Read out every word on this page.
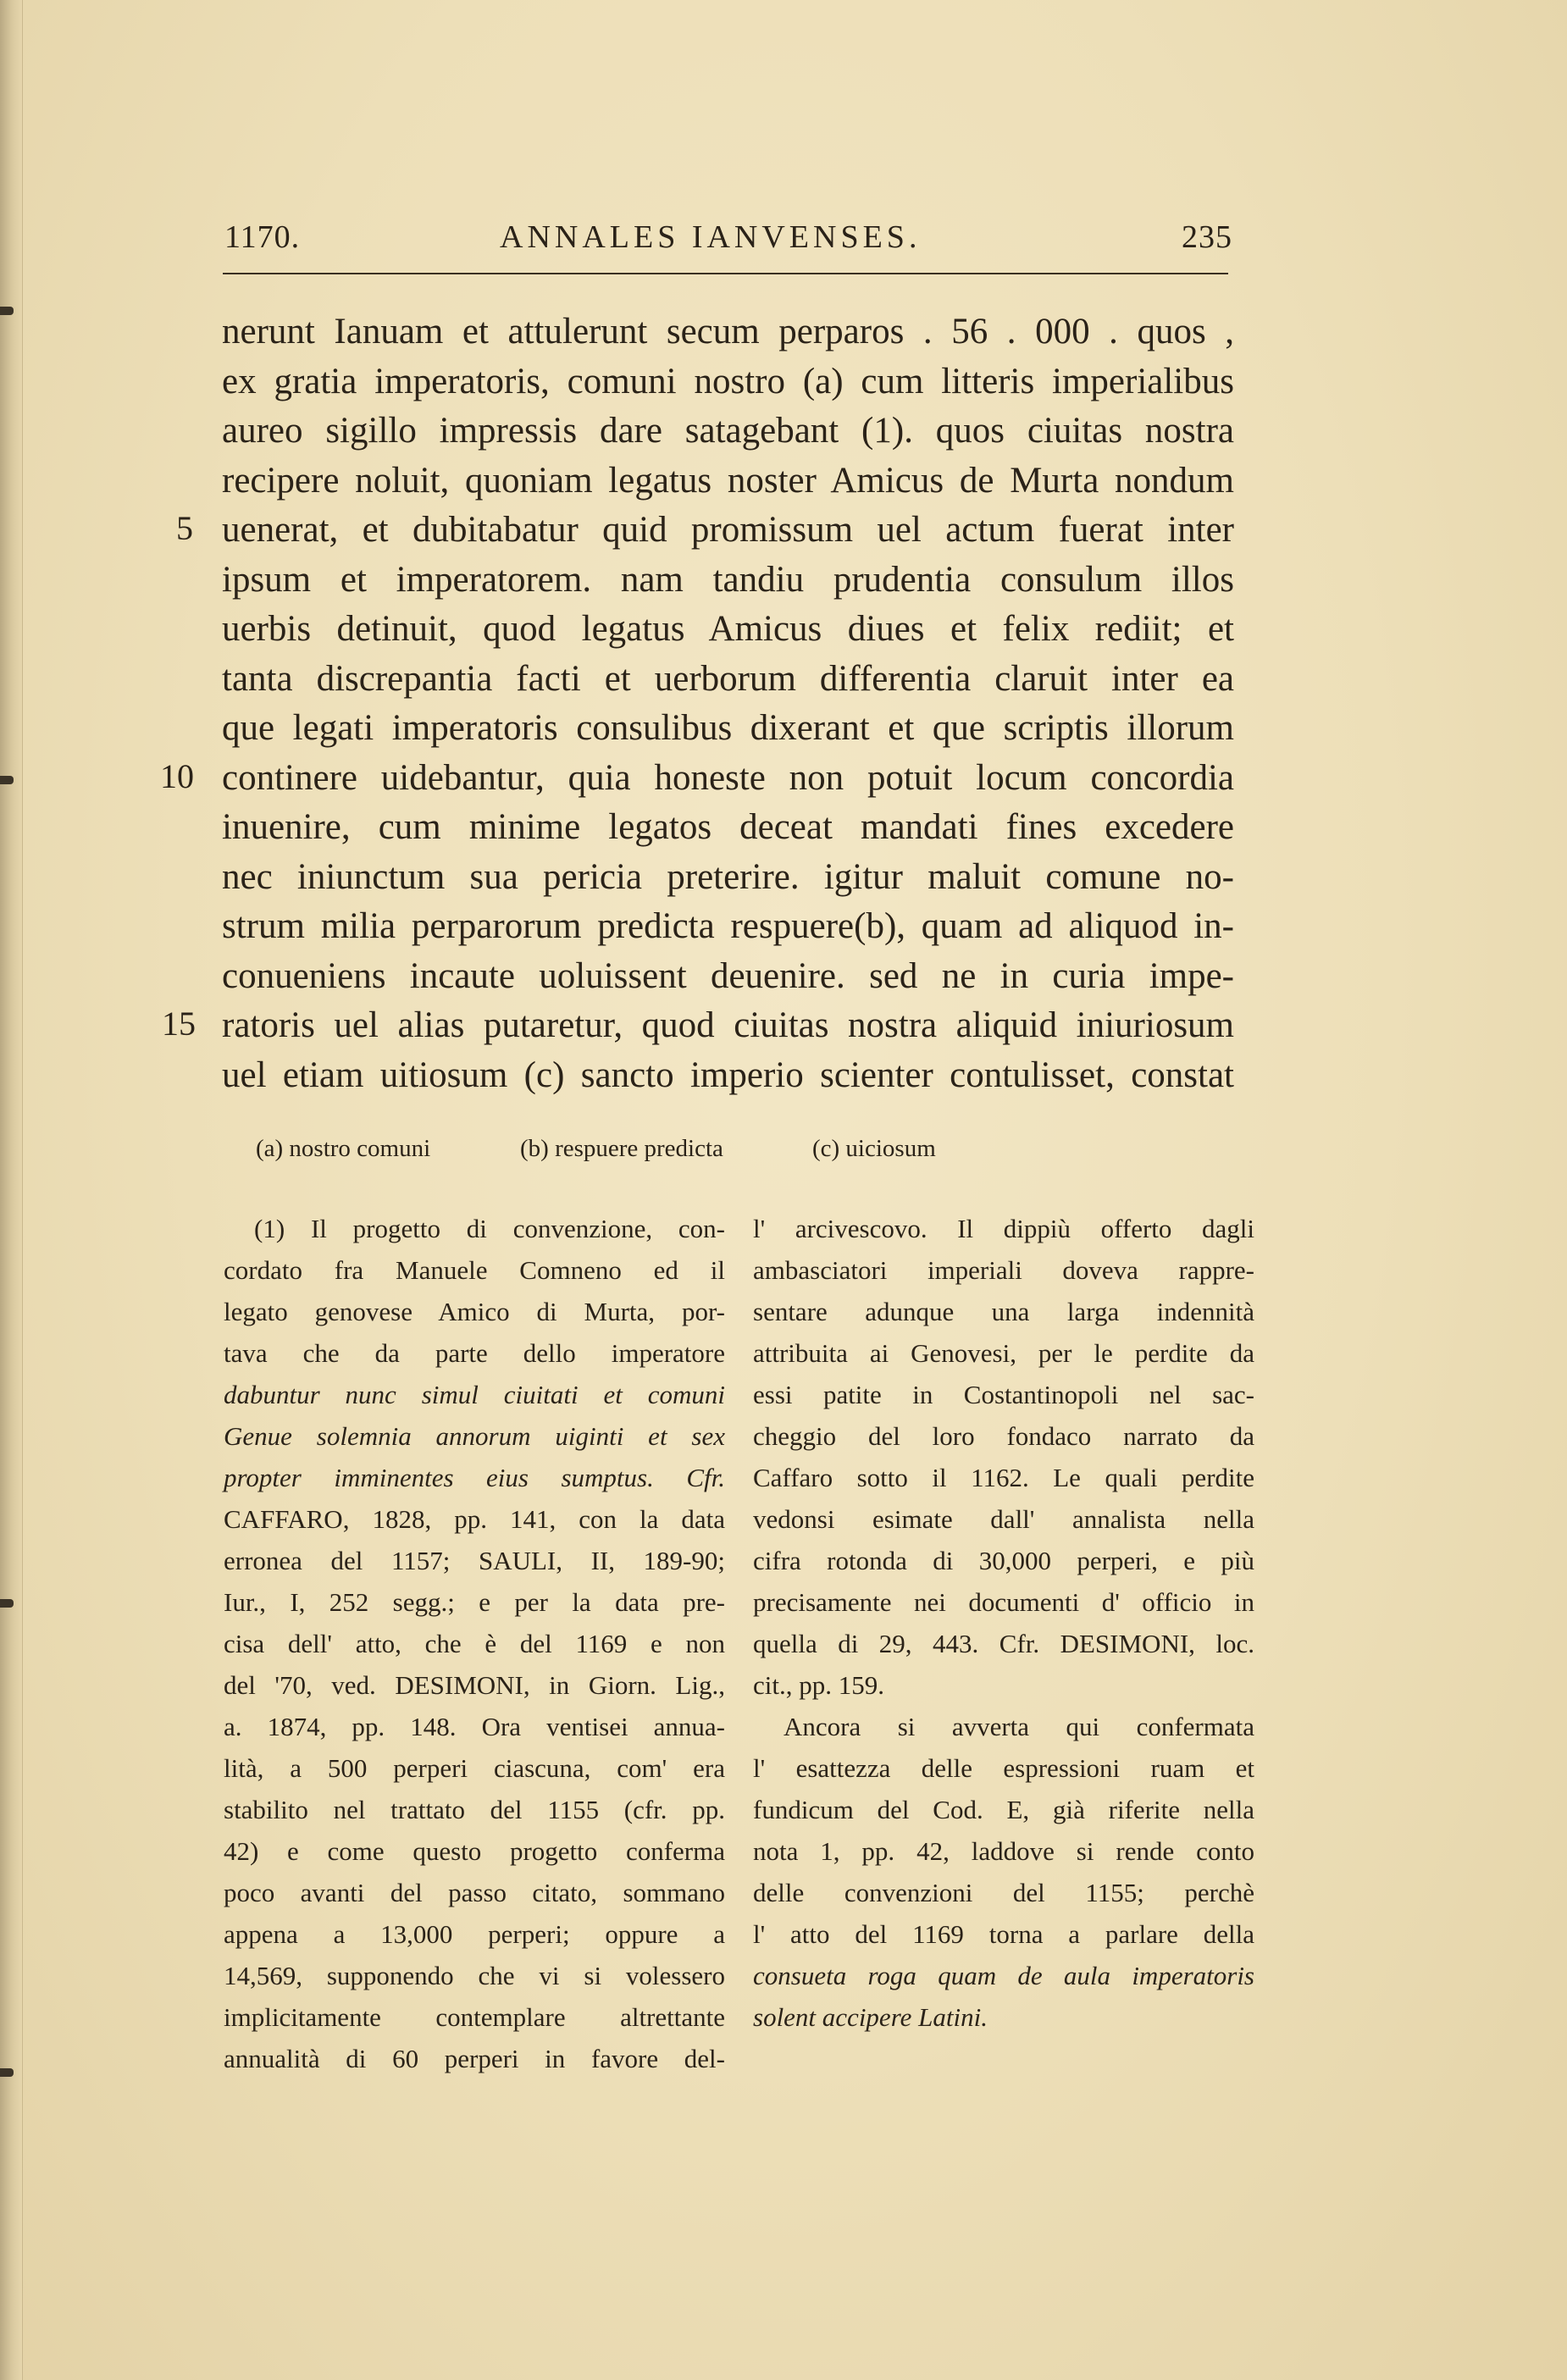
1170.	ANNALES IANVENSES.	235
5
10
15
nerunt Ianuam et attulerunt secum perparos . 56 . 000 . quos ,
ex gratia imperatoris, comuni nostro (a) cum litteris imperialibus
aureo sigillo impressis dare satagebant (1). quos ciuitas nostra
recipere noluit, quoniam legatus noster Amicus de Murta nondum
uenerat, et dubitabatur quid promissum uel actum fuerat inter
ipsum et imperatorem. nam tandiu prudentia consulum illos
uerbis detinuit, quod legatus Amicus diues et felix rediit; et
tanta discrepantia facti et uerborum differentia claruit inter ea
que legati imperatoris consulibus dixerant et que scriptis illorum
continere uidebantur, quia honeste non potuit locum concordia
inuenire, cum minime legatos deceat mandati fines excedere
nec iniunctum sua pericia preterire. igitur maluit comune no-
strum milia perparorum predicta respuere(b), quam ad aliquod in-
conueniens incaute uoluissent deuenire. sed ne in curia impe-
ratoris uel alias putaretur, quod ciuitas nostra aliquid iniuriosum
uel etiam uitiosum (c) sancto imperio scienter contulisset, constat
(a) nostro comuni	(b) respuere predicta	(c) uiciosum
(1) Il progetto di convenzione, con-
cordato fra Manuele Comneno ed il
legato genovese Amico di Murta, por-
tava che da parte dello imperatore
dabuntur nunc simul ciuitati et comuni
Genue solemnia annorum uiginti et sex
propter imminentes eius sumptus. Cfr.
CAFFARO, 1828, pp. 141, con la data
erronea del 1157; SAULI, II, 189-90;
Iur., I, 252 segg.; e per la data pre-
cisa dell' atto, che è del 1169 e non
del '70, ved. DESIMONI, in Giorn. Lig.,
a. 1874, pp. 148. Ora ventisei annua-
lità, a 500 perperi ciascuna, com' era
stabilito nel trattato del 1155 (cfr. pp.
42) e come questo progetto conferma
poco avanti del passo citato, sommano
appena a 13,000 perperi; oppure a
14,569, supponendo che vi si volessero
implicitamente contemplare altrettante
annualità di 60 perperi in favore del-
l' arcivescovo. Il dippiù offerto dagli
ambasciatori imperiali doveva rappre-
sentare adunque una larga indennità
attribuita ai Genovesi, per le perdite da
essi patite in Costantinopoli nel sac-
cheggio del loro fondaco narrato da
Caffaro sotto il 1162. Le quali perdite
vedonsi esimate dall' annalista nella
cifra rotonda di 30,000 perperi, e più
precisamente nei documenti d' officio in
quella di 29, 443. Cfr. DESIMONI, loc.
cit., pp. 159.
Ancora si avverta qui confermata
l' esattezza delle espressioni ruam et
fundicum del Cod. E, già riferite nella
nota 1, pp. 42, laddove si rende conto
delle convenzioni del 1155; perchè
l' atto del 1169 torna a parlare della
consueta roga quam de aula imperatoris
solent accipere Latini.
